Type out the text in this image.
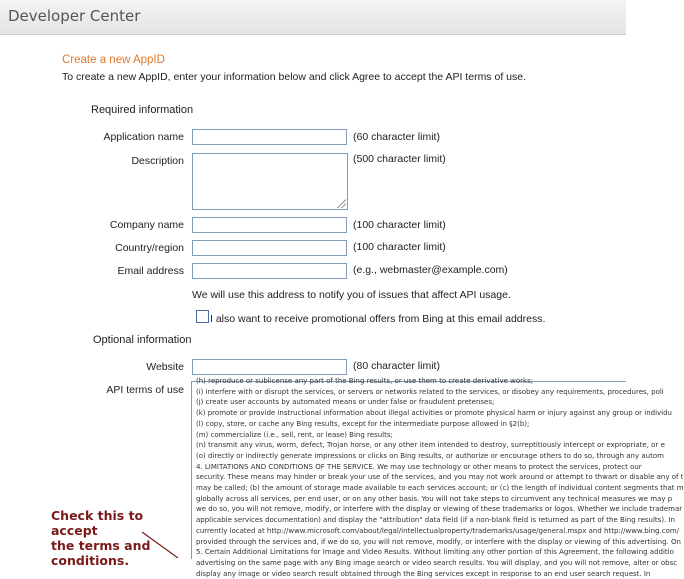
Developer Center
Create a new AppID
To create a new AppID, enter your information below and click Agree to accept the API terms of use.
Required information
Application name	(60 character limit)
Description	(500 character limit)
Company name	(100 character limit)
Country/region	(100 character limit)
Email address	(e.g., webmaster@example.com)
We will use this address to notify you of issues that affect API usage.
I also want to receive promotional offers from Bing at this email address.
Optional information
Website	(80 character limit)
API terms of use
(h) reproduce or sublicense any part of the Bing results, or use them to create derivative works;
(i) interfere with or disrupt the services, or servers or networks related to the services, or disobey any requirements, procedures, poli
(j) create user accounts by automated means or under false or fraudulent pretenses;
(k) promote or provide instructional information about illegal activities or promote physical harm or injury against any group or individu
(l) copy, store, or cache any Bing results, except for the intermediate purpose allowed in §2(b);
(m) commercialize (i.e., sell, rent, or lease) Bing results;
(n) transmit any virus, worm, defect, Trojan horse, or any other item intended to destroy, surreptitiously intercept or expropriate, or e
(o) directly or indirectly generate impressions or clicks on Bing results, or authorize or encourage others to do so, through any autom
4. LIMITATIONS AND CONDITIONS OF THE SERVICE. We may use technology or other means to protect the services, protect our
security. These means may hinder or break your use of the services, and you may not work around or attempt to thwart or disable any of t
may be called; (b) the amount of storage made available to each services account; or (c) the length of individual content segments that m
globally across all services, per end user, or on any other basis. You will not take steps to circumvent any technical measures we may p
we do so, you will not remove, modify, or interfere with the display or viewing of these trademarks or logos. Whether we include trademar
applicable services documentation) and display the "attribution" data field (if a non-blank field is returned as part of the Bing results). In
currently located at http://www.microsoft.com/about/legal/intellectualproperty/trademarks/usage/general.mspx and http://www.bing.com/
provided through the services and, if we do so, you will not remove, modify, or interfere with the display or viewing of this advertising. On
5. Certain Additional Limitations for Image and Video Results. Without limiting any other portion of this Agreement, the following additio
advertising on the same page with any Bing image search or video search results. You will display, and you will not remove, alter or obsc
display any image or video search result obtained through the Bing services except in response to an end user search request. In
Check this to accept
the terms and
conditions.
